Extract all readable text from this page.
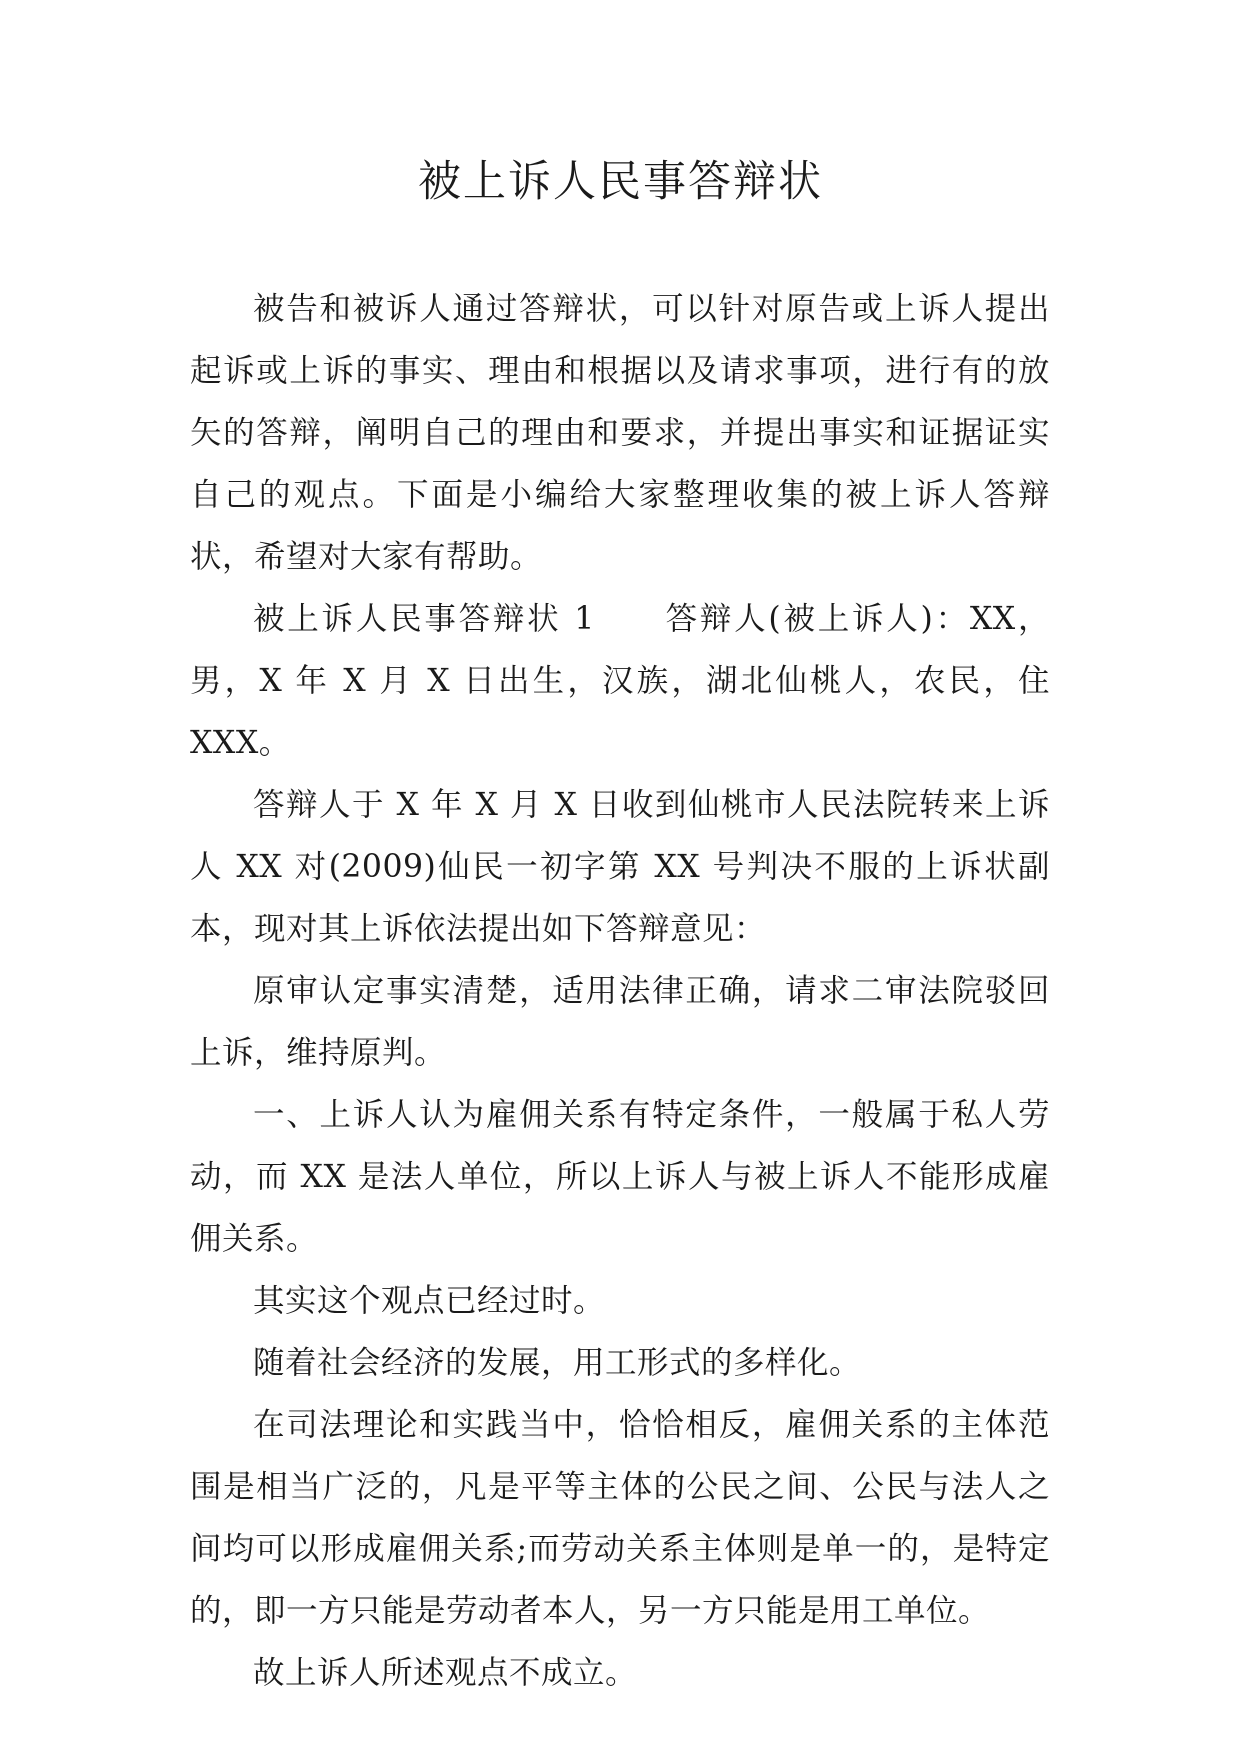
被上诉人民事答辩状

被告和被诉人通过答辩状，可以针对原告或上诉人提出起诉或上诉的事实、理由和根据以及请求事项，进行有的放矢的答辩，阐明自己的理由和要求，并提出事实和证据证实自己的观点。下面是小编给大家整理收集的被上诉人答辩状，希望对大家有帮助。

被上诉人民事答辩状 1　　答辩人(被上诉人)：XX，男，X 年 X 月 X 日出生，汉族，湖北仙桃人，农民，住 XXX。

答辩人于 X 年 X 月 X 日收到仙桃市人民法院转来上诉人 XX 对(2009)仙民一初字第 XX 号判决不服的上诉状副本，现对其上诉依法提出如下答辩意见：

原审认定事实清楚，适用法律正确，请求二审法院驳回上诉，维持原判。

一、上诉人认为雇佣关系有特定条件，一般属于私人劳动，而 XX 是法人单位，所以上诉人与被上诉人不能形成雇佣关系。

其实这个观点已经过时。

随着社会经济的发展，用工形式的多样化。

在司法理论和实践当中，恰恰相反，雇佣关系的主体范围是相当广泛的，凡是平等主体的公民之间、公民与法人之间均可以形成雇佣关系;而劳动关系主体则是单一的，是特定的，即一方只能是劳动者本人，另一方只能是用工单位。

故上诉人所述观点不成立。
